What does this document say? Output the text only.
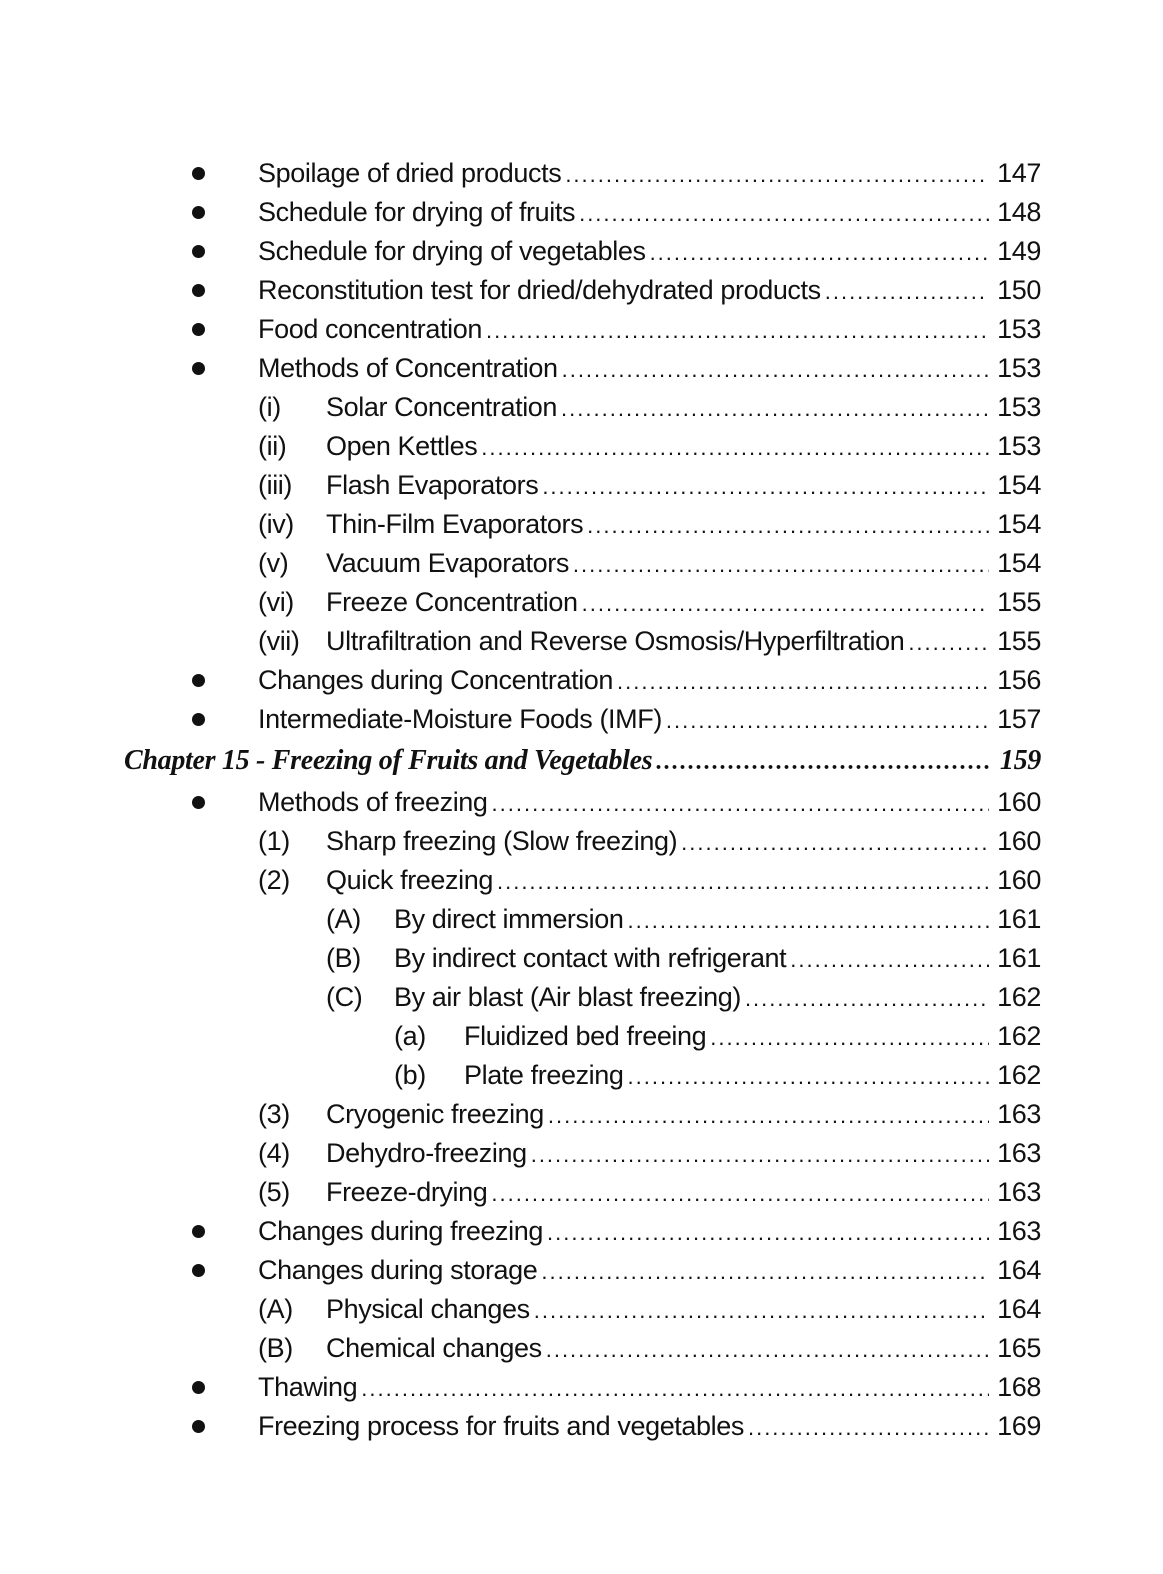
Spoilage of dried products .....	147
Schedule for drying of fruits .....	148
Schedule for drying of vegetables .....	149
Reconstitution test for dried/dehydrated products .....	150
Food concentration .....	153
Methods of Concentration .....	153
(i) Solar Concentration .....	153
(ii) Open Kettles .....	153
(iii) Flash Evaporators .....	154
(iv) Thin-Film Evaporators .....	154
(v) Vacuum Evaporators .....	154
(vi) Freeze Concentration .....	155
(vii) Ultrafiltration and Reverse Osmosis/Hyperfiltration .....	155
Changes during Concentration .....	156
Intermediate-Moisture Foods (IMF) .....	157
Chapter 15 - Freezing of Fruits and Vegetables .....	159
Methods of freezing .....	160
(1) Sharp freezing (Slow freezing) .....	160
(2) Quick freezing .....	160
(A) By direct immersion .....	161
(B) By indirect contact with refrigerant .....	161
(C) By air blast (Air blast freezing) .....	162
(a) Fluidized bed freeing .....	162
(b) Plate freezing .....	162
(3) Cryogenic freezing .....	163
(4) Dehydro-freezing .....	163
(5) Freeze-drying .....	163
Changes during freezing .....	163
Changes during storage .....	164
(A) Physical changes .....	164
(B) Chemical changes .....	165
Thawing .....	168
Freezing process for fruits and vegetables .....	169
